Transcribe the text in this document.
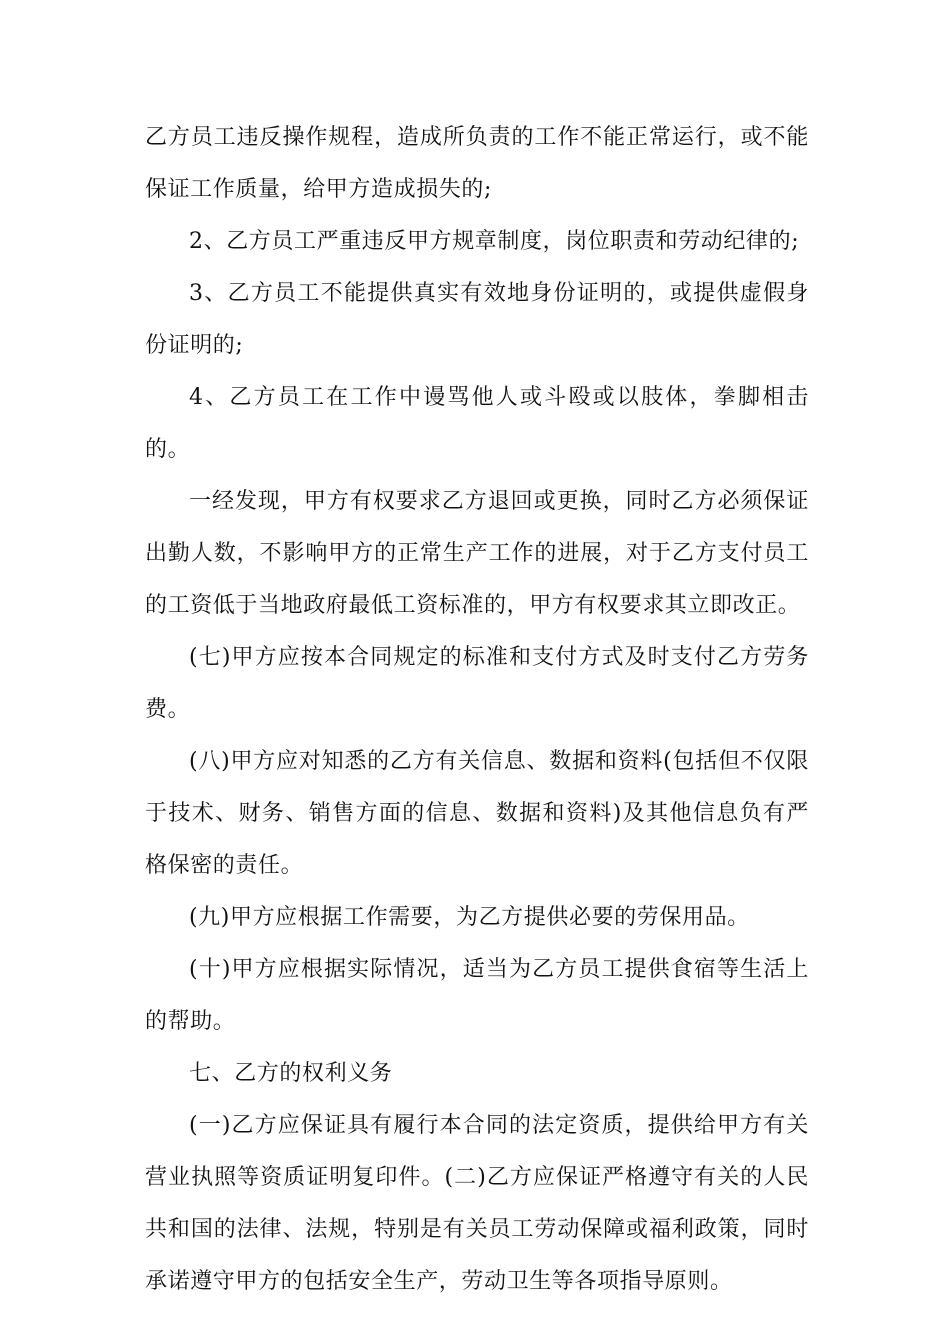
乙方员工违反操作规程，造成所负责的工作不能正常运行，或不能保证工作质量，给甲方造成损失的;

2、乙方员工严重违反甲方规章制度，岗位职责和劳动纪律的;

3、乙方员工不能提供真实有效地身份证明的，或提供虚假身份证明的;

4、乙方员工在工作中谩骂他人或斗殴或以肢体，拳脚相击的。

一经发现，甲方有权要求乙方退回或更换，同时乙方必须保证出勤人数，不影响甲方的正常生产工作的进展，对于乙方支付员工的工资低于当地政府最低工资标准的，甲方有权要求其立即改正。

(七)甲方应按本合同规定的标准和支付方式及时支付乙方劳务费。

(八)甲方应对知悉的乙方有关信息、数据和资料(包括但不仅限于技术、财务、销售方面的信息、数据和资料)及其他信息负有严格保密的责任。

(九)甲方应根据工作需要，为乙方提供必要的劳保用品。

(十)甲方应根据实际情况，适当为乙方员工提供食宿等生活上的帮助。

七、乙方的权利义务

(一)乙方应保证具有履行本合同的法定资质，提供给甲方有关营业执照等资质证明复印件。(二)乙方应保证严格遵守有关的人民共和国的法律、法规，特别是有关员工劳动保障或福利政策，同时承诺遵守甲方的包括安全生产，劳动卫生等各项指导原则。
